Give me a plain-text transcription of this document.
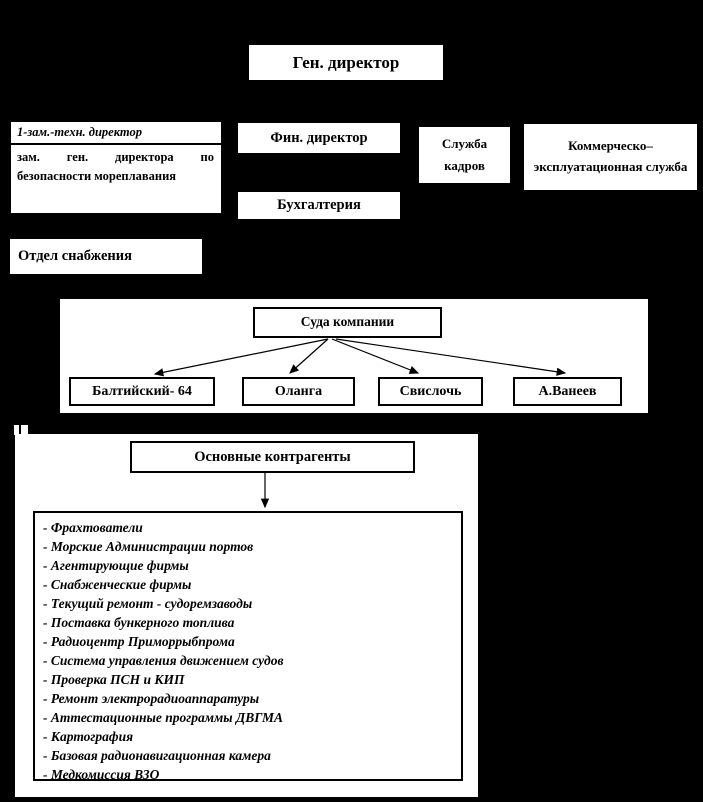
Ген. директор
1-зам.-техн. директор
зам. ген. директора по безопасности мореплавания
Фин. директор	Служба кадров
Коммерческо–эксплуатационная служба
Бухгалтерия
Отдел снабжения
Суда компании
Балтийский- 64	Оланга	Свислочь	А.Ванеев
Основные контрагенты
- Фрахтователи
- Морские Администрации портов
- Агентирующие фирмы
- Снабженческие фирмы
- Текущий ремонт - судоремзаводы
- Поставка бункерного топлива
- Радиоцентр Приморрыбпрома
- Система управления движением судов
- Проверка ПСН и КИП
- Ремонт электрорадиоаппаратуры
- Аттестационные программы ДВГМА
- Картография
- Базовая радионавигационная камера
- Медкомиссия ВЗО
